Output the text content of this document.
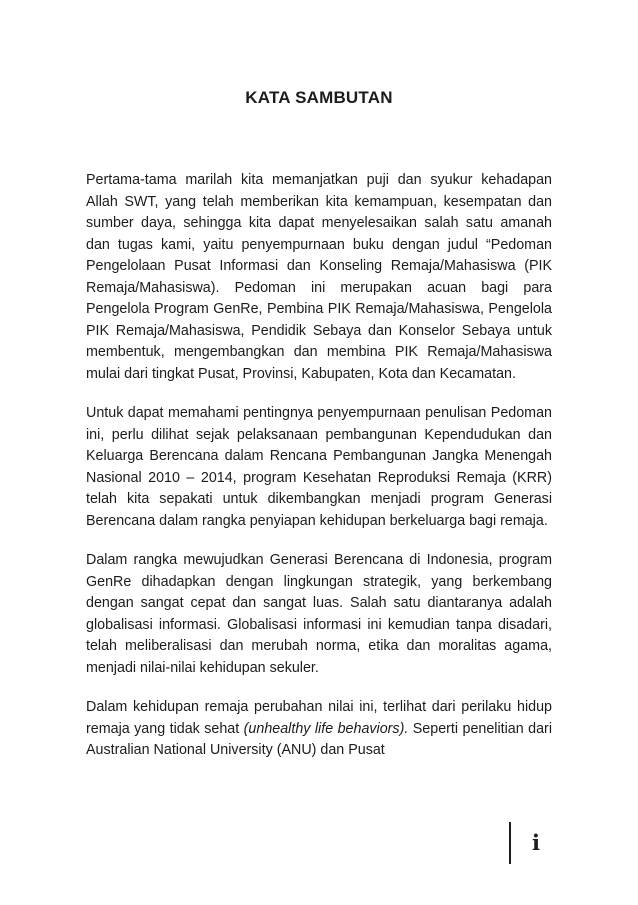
KATA SAMBUTAN

Pertama-tama marilah kita memanjatkan puji dan syukur kehadapan Allah SWT, yang telah memberikan kita kemampuan, kesempatan dan sumber daya, sehingga kita dapat menyelesaikan salah satu amanah dan tugas kami, yaitu penyempurnaan buku dengan judul “Pedoman Pengelolaan Pusat Informasi dan Konseling Remaja/Mahasiswa (PIK Remaja/Mahasiswa). Pedoman ini merupakan acuan bagi para Pengelola Program GenRe, Pembina PIK Remaja/Mahasiswa, Pengelola PIK Remaja/Mahasiswa, Pendidik Sebaya dan Konselor Sebaya untuk membentuk, mengembangkan dan membina PIK Remaja/Mahasiswa mulai dari tingkat Pusat, Provinsi, Kabupaten, Kota dan Kecamatan.

Untuk dapat memahami pentingnya penyempurnaan penulisan Pedoman ini, perlu dilihat sejak pelaksanaan pembangunan Kependudukan dan Keluarga Berencana dalam Rencana Pembangunan Jangka Menengah Nasional 2010 – 2014, program Kesehatan Reproduksi Remaja (KRR) telah kita sepakati untuk dikembangkan menjadi program Generasi Berencana dalam rangka penyiapan kehidupan berkeluarga bagi remaja.

Dalam rangka mewujudkan Generasi Berencana di Indonesia, program GenRe dihadapkan dengan lingkungan strategik, yang berkembang dengan sangat cepat dan sangat luas. Salah satu diantaranya adalah globalisasi informasi. Globalisasi informasi ini kemudian tanpa disadari, telah meliberalisasi dan merubah norma, etika dan moralitas agama, menjadi nilai-nilai kehidupan sekuler.

Dalam kehidupan remaja perubahan nilai ini, terlihat dari perilaku hidup remaja yang tidak sehat (unhealthy life behaviors). Seperti penelitian dari Australian National University (ANU) dan Pusat

i
